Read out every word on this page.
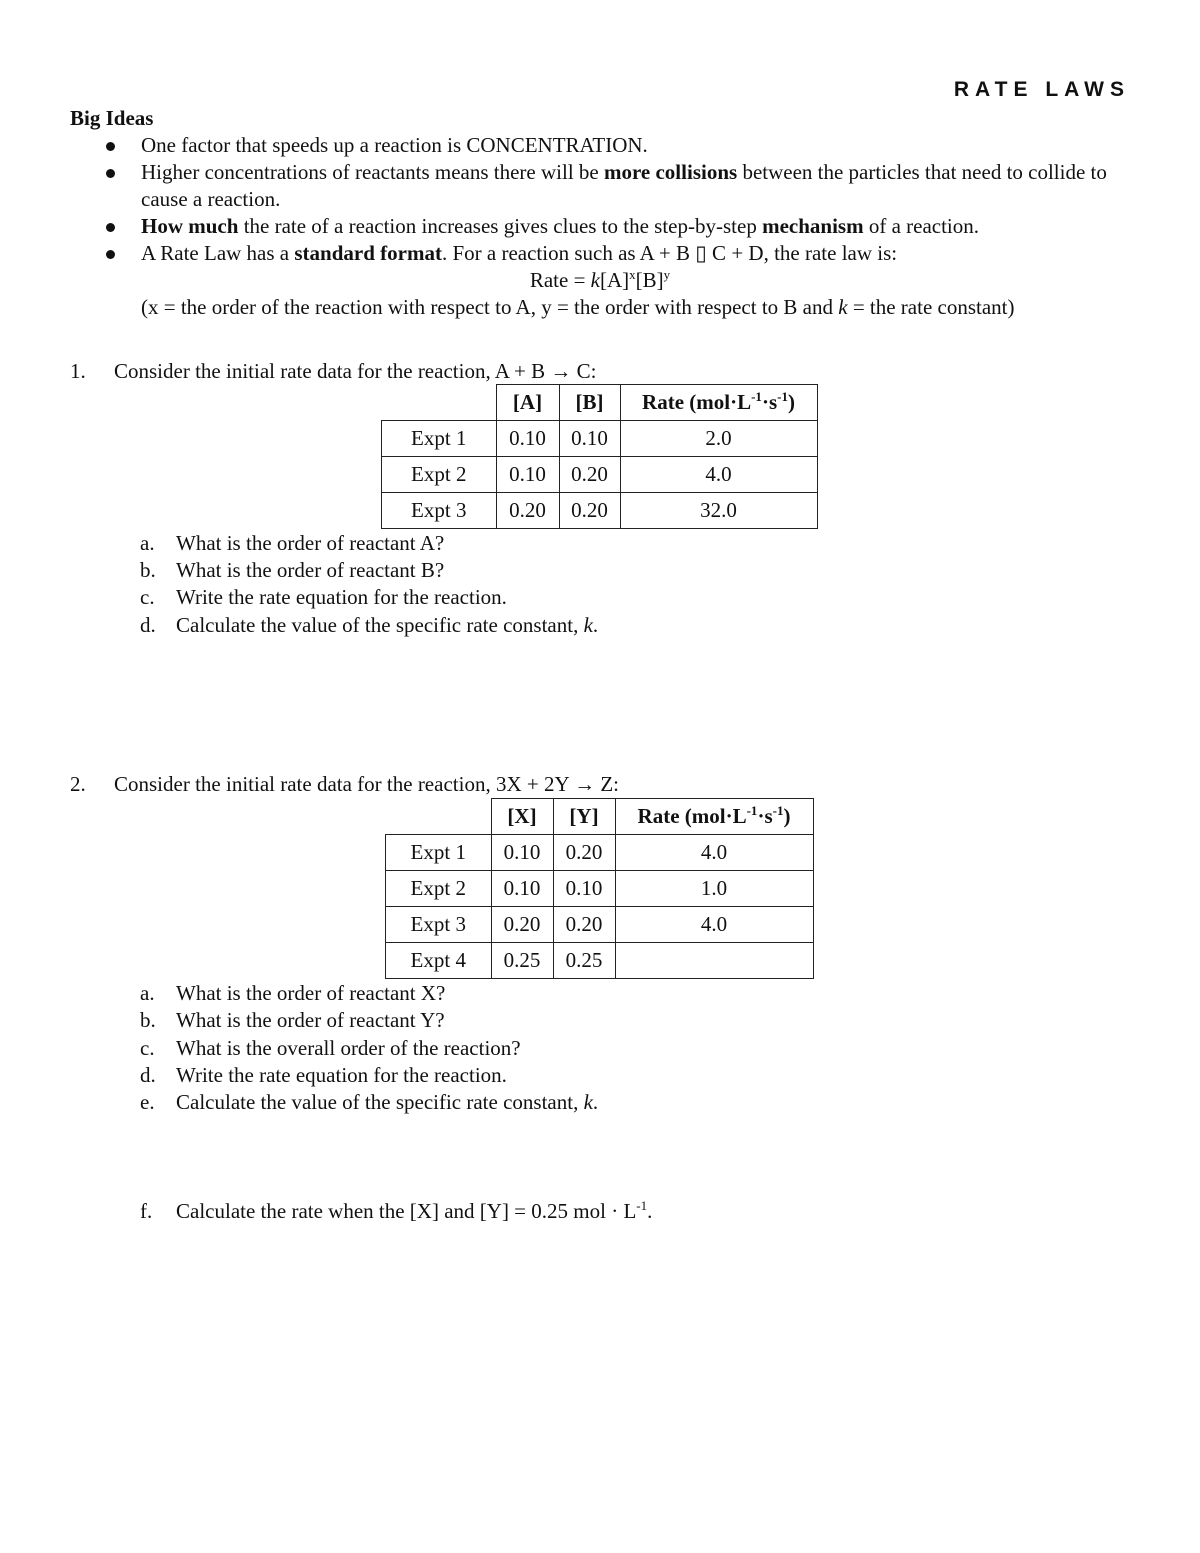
RATE LAWS
Big Ideas
One factor that speeds up a reaction is CONCENTRATION.
Higher concentrations of reactants means there will be more collisions between the particles that need to collide to cause a reaction.
How much the rate of a reaction increases gives clues to the step-by-step mechanism of a reaction.
A Rate Law has a standard format. For a reaction such as A + B ▯ C + D, the rate law is:
Rate = $k[A]^x[B]^y$
(x = the order of the reaction with respect to A, y = the order with respect to B and k = the rate constant)
1. Consider the initial rate data for the reaction, A + B → C:
	[A]	[B]	Rate $(mol\cdot L^{-1}\cdot s^{-1})$
Expt 1	0.10	0.10	2.0
Expt 2	0.10	0.20	4.0
Expt 3	0.20	0.20	32.0
a. What is the order of reactant A?
b. What is the order of reactant B?
c. Write the rate equation for the reaction.
d. Calculate the value of the specific rate constant, k.
2. Consider the initial rate data for the reaction, 3X + 2Y → Z:
	[X]	[Y]	Rate $(mol\cdot L^{-1}\cdot s^{-1})$
Expt 1	0.10	0.20	4.0
Expt 2	0.10	0.10	1.0
Expt 3	0.20	0.20	4.0
Expt 4	0.25	0.25	
a. What is the order of reactant X?
b. What is the order of reactant Y?
c. What is the overall order of the reaction?
d. Write the rate equation for the reaction.
e. Calculate the value of the specific rate constant, k.
f. Calculate the rate when the [X] and [Y] = 0.25 mol · $L^{-1}$.
